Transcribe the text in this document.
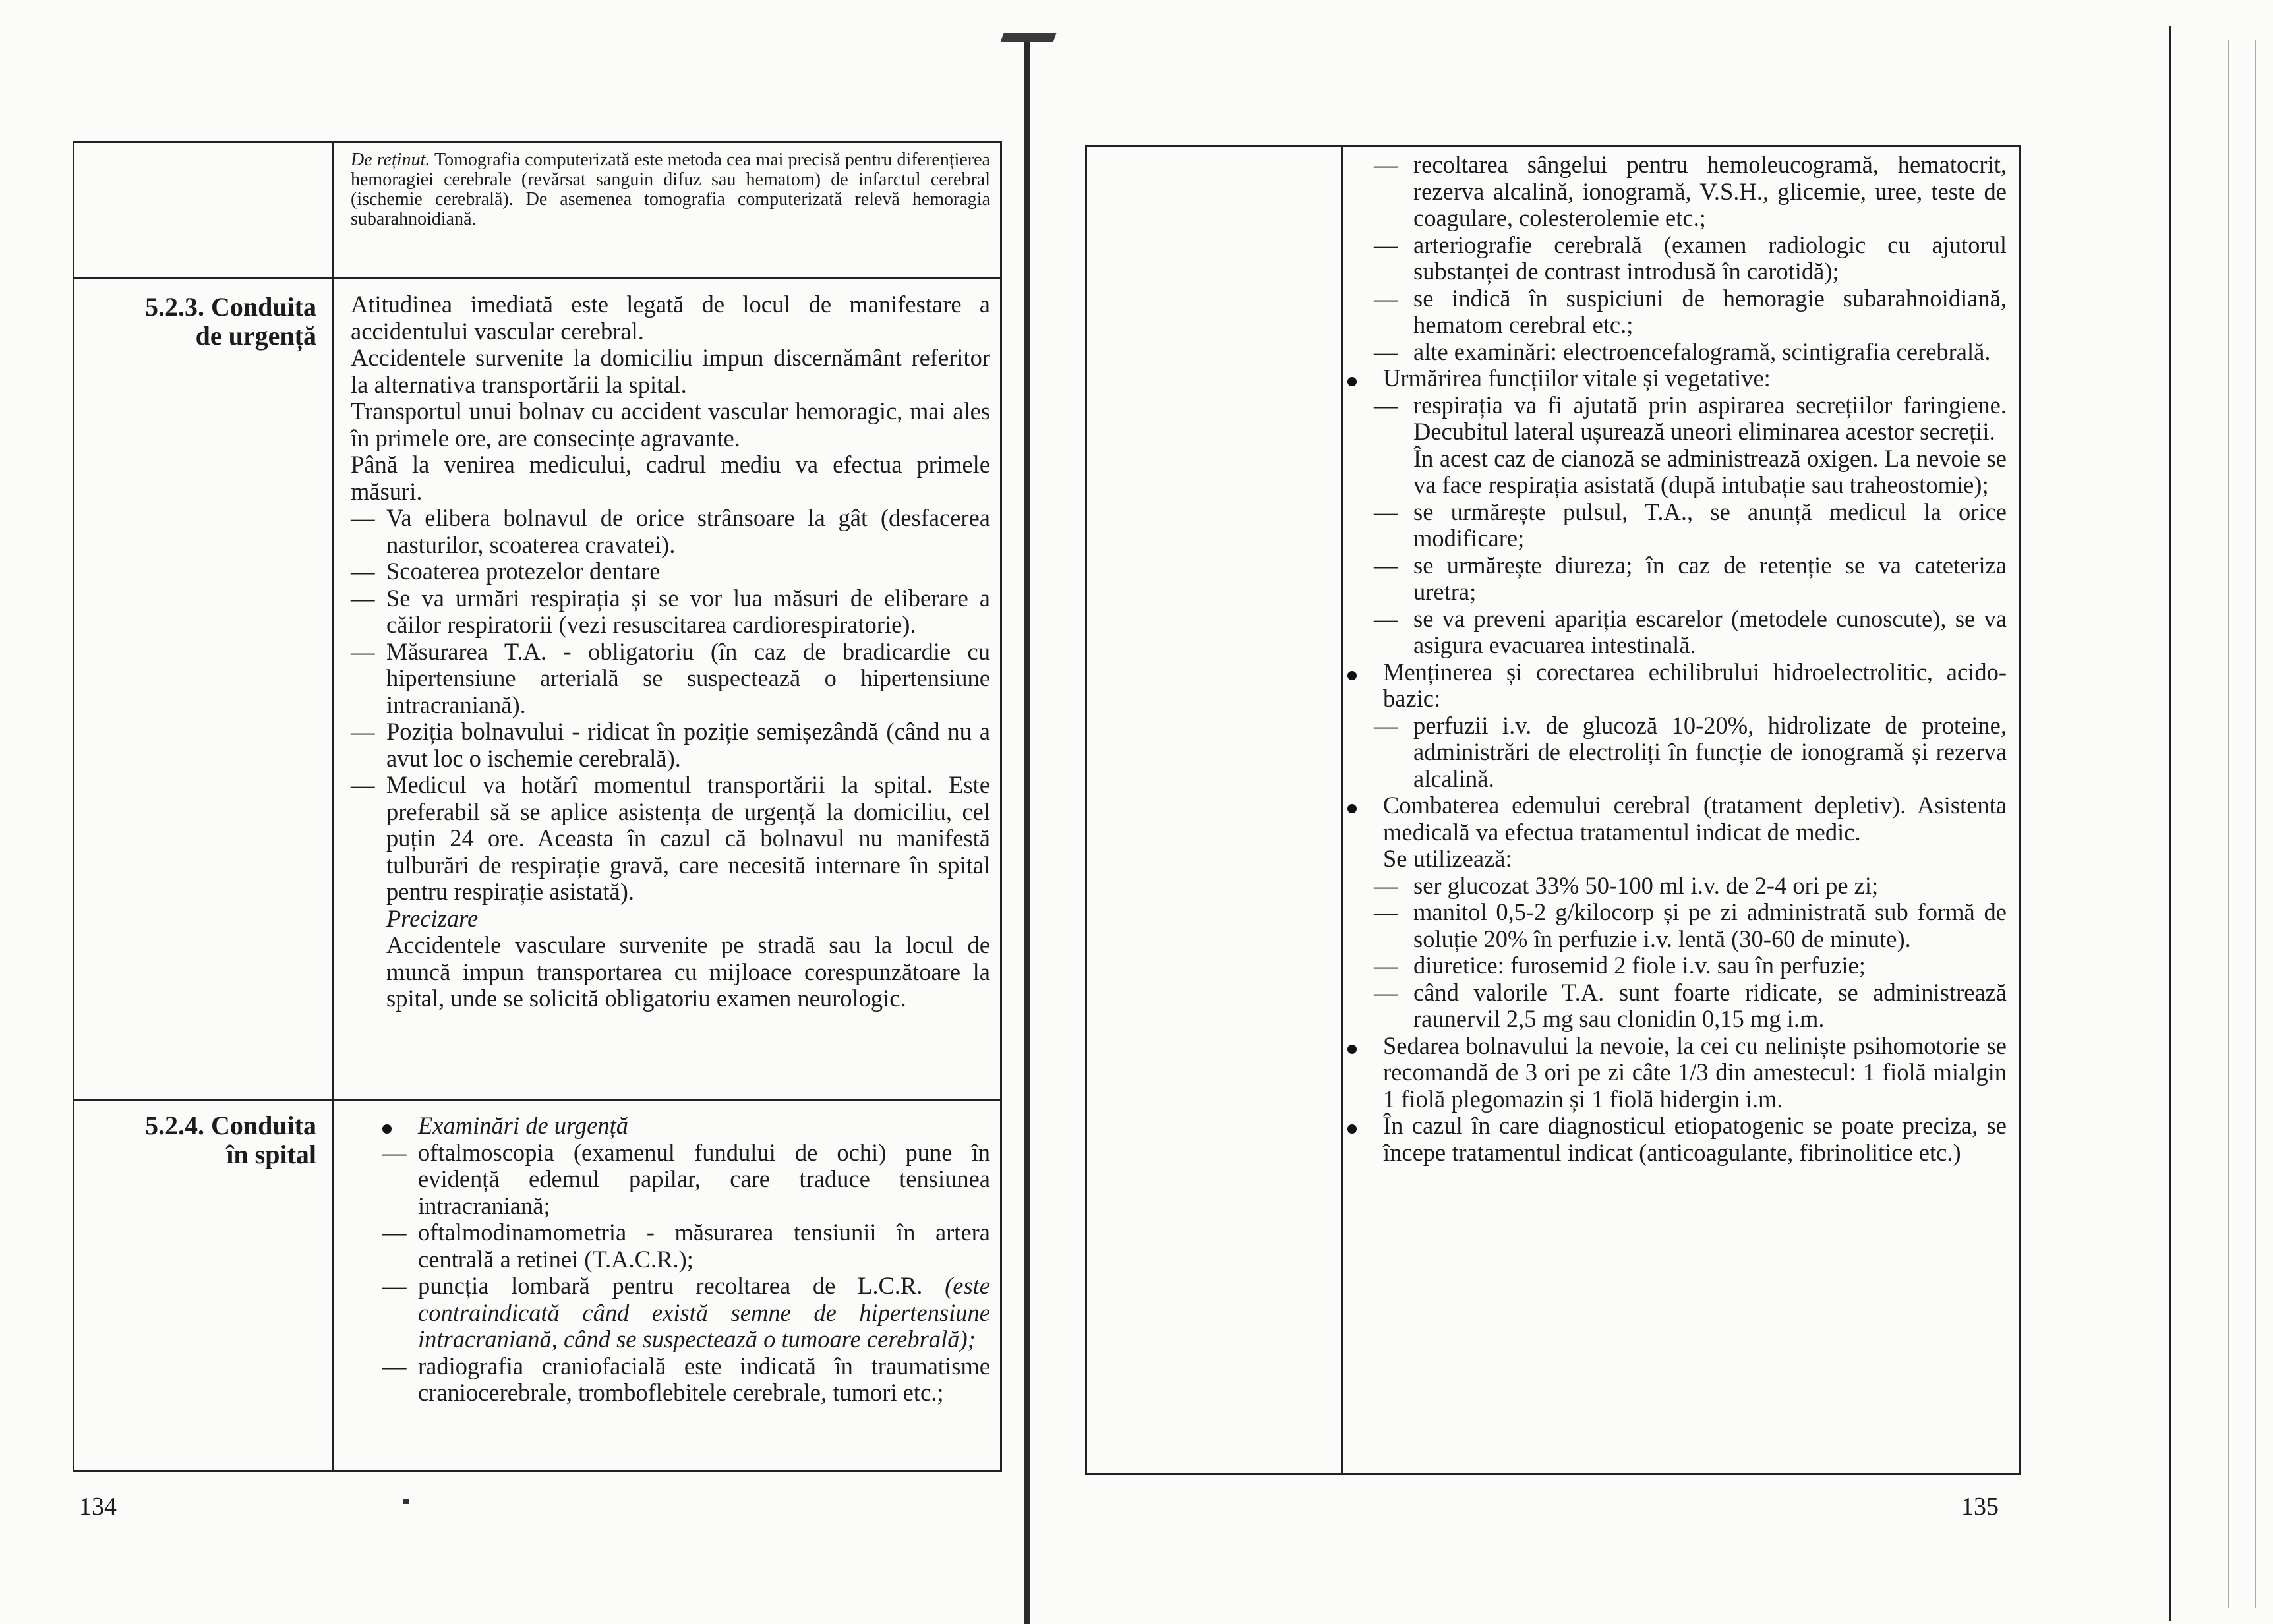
De reținut. Tomografia computerizată este metoda cea mai precisă pentru diferențierea hemoragiei cerebrale (revărsat sanguin difuz sau hematom) de infarctul cerebral (ischemie cerebrală). De asemenea tomografia computerizată relevă hemoragia subarahnoidiană.
5.2.3. Conduita
de urgență

Atitudinea imediată este legată de locul de manifestare a accidentului vascular cerebral.

Accidentele survenite la domiciliu impun discernământ referitor la alternativa transportării la spital.

Transportul unui bolnav cu accident vascular hemoragic, mai ales în primele ore, are consecințe agravante.

Până la venirea medicului, cadrul mediu va efectua primele măsuri.

— Va elibera bolnavul de orice strânsoare la gât (desfacerea nasturilor, scoaterea cravatei).

— Scoaterea protezelor dentare

— Se va urmări respirația și se vor lua măsuri de eliberare a căilor respiratorii (vezi resuscitarea cardiorespiratorie).

— Măsurarea T.A. - obligatoriu (în caz de bradicardie cu hipertensiune arterială se suspectează o hipertensiune intracraniană).

— Poziția bolnavului - ridicat în poziție semișezândă (când nu a avut loc o ischemie cerebrală).

— Medicul va hotărî momentul transportării la spital. Este preferabil să se aplice asistența de urgență la domiciliu, cel puțin 24 ore. Aceasta în cazul că bolnavul nu manifestă tulburări de respirație gravă, care necesită internare în spital pentru respirație asistată).

Precizare

Accidentele vasculare survenite pe stradă sau la locul de muncă impun transportarea cu mijloace corespunzătoare la spital, unde se solicită obligatoriu examen neurologic.

5.2.4. Conduita
în spital

Examinări de urgență

— oftalmoscopia (examenul fundului de ochi) pune în evidență edemul papilar, care traduce tensiunea intracraniană;

— oftalmodinamometria - măsurarea tensiunii în artera centrală a retinei (T.A.C.R.);

— puncția lombară pentru recoltarea de L.C.R. (este contraindicată când există semne de hipertensiune intracraniană, când se suspectează o tumoare cerebrală);

— radiografia craniofacială este indicată în traumatisme craniocerebrale, tromboflebitele cerebrale, tumori etc.;

134

— recoltarea sângelui pentru hemoleucogramă, hematocrit, rezerva alcalină, ionogramă, V.S.H., glicemie, uree, teste de coagulare, colesterolemie etc.;

— arteriografie cerebrală (examen radiologic cu ajutorul substanței de contrast introdusă în carotidă);

— se indică în suspiciuni de hemoragie subarahnoidiană, hematom cerebral etc.;

— alte examinări: electroencefalogramă, scintigrafia cerebrală.

Urmărirea funcțiilor vitale și vegetative:

— respirația va fi ajutată prin aspirarea secrețiilor faringiene. Decubitul lateral ușurează uneori eliminarea acestor secreții.
În acest caz de cianoză se administrează oxigen. La nevoie se va face respirația asistată (după intubație sau traheostomie);

— se urmărește pulsul, T.A., se anunță medicul la orice modificare;

— se urmărește diureza; în caz de retenție se va cateteriza uretra;

— se va preveni apariția escarelor (metodele cunoscute), se va asigura evacuarea intestinală.

Menținerea și corectarea echilibrului hidroelectrolitic, acido-bazic:

— perfuzii i.v. de glucoză 10-20%, hidrolizate de proteine, administrări de electroliți în funcție de ionogramă și rezerva alcalină.

Combaterea edemului cerebral (tratament depletiv). Asistenta medicală va efectua tratamentul indicat de medic.

Se utilizează:

— ser glucozat 33% 50-100 ml i.v. de 2-4 ori pe zi;

— manitol 0,5-2 g/kilocorp și pe zi administrată sub formă de soluție 20% în perfuzie i.v. lentă (30-60 de minute).

— diuretice: furosemid 2 fiole i.v. sau în perfuzie;

— când valorile T.A. sunt foarte ridicate, se administrează raunervil 2,5 mg sau clonidin 0,15 mg i.m.

Sedarea bolnavului la nevoie, la cei cu neliniște psihomotorie se recomandă de 3 ori pe zi câte 1/3 din amestecul: 1 fiolă mialgin 1 fiolă plegomazin și 1 fiolă hidergin i.m.

În cazul în care diagnosticul etiopatogenic se poate preciza, se începe tratamentul indicat (anticoagulante, fibrinolitice etc.)

135
